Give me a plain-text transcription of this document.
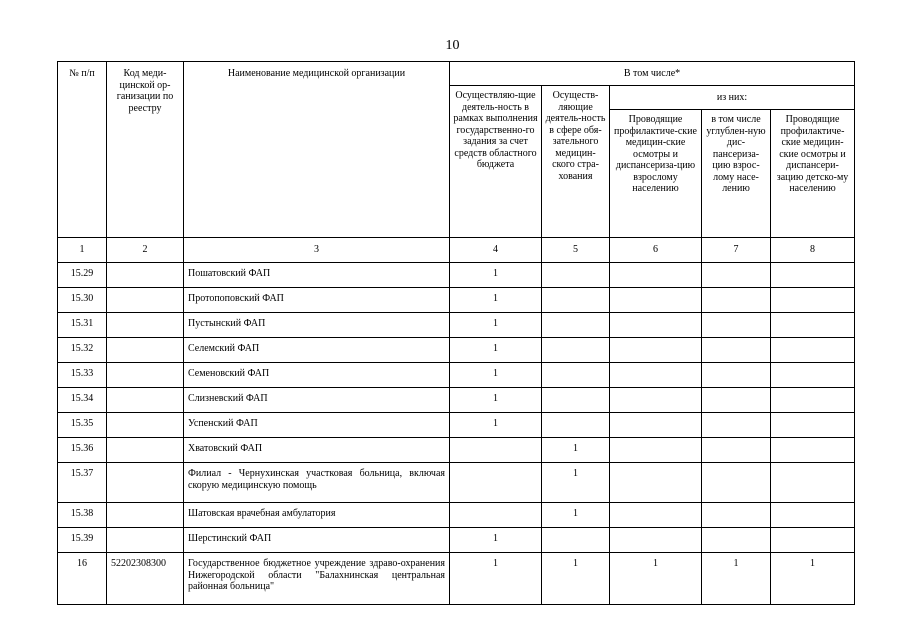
10
№ п/п	Код меди-цинской ор-ганизации по реестру	Наименование медицинской организации	В том числе*				
			Осуществляю-щие деятель-ность в рамках выполнения государственно-го задания за счет средств областного бюджета	Осуществ-ляющие деятель-ность в сфере обя-зательного медицин-ского стра-хования	из них:		
					Проводящие профилактиче-ские медицин-ские осмотры и диспансериза-цию взрослому населению	в том числе углублен-ную дис-пансериза-цию взрос-лому насе-лению	Проводящие профилактиче-ские медицин-ские осмотры и диспансери-зацию детско-му населению
1	2	3	4	5	6	7	8
15.29		Пошатовский ФАП	1				
15.30		Протопоповский ФАП	1				
15.31		Пустынский ФАП	1				
15.32		Селемский ФАП	1				
15.33		Семеновский ФАП	1				
15.34		Слизневский ФАП	1				
15.35		Успенский ФАП	1				
15.36		Хватовский ФАП		1			
15.37		Филиал - Чернухинская участковая больница, включая скорую медицинскую помощь		1			
15.38		Шатовская врачебная амбулатория		1			
15.39		Шерстинский ФАП	1				
16	52202308300	Государственное бюджетное учреждение здраво-охранения Нижегородской области "Балахнинская центральная районная больница"	1	1	1	1	1
